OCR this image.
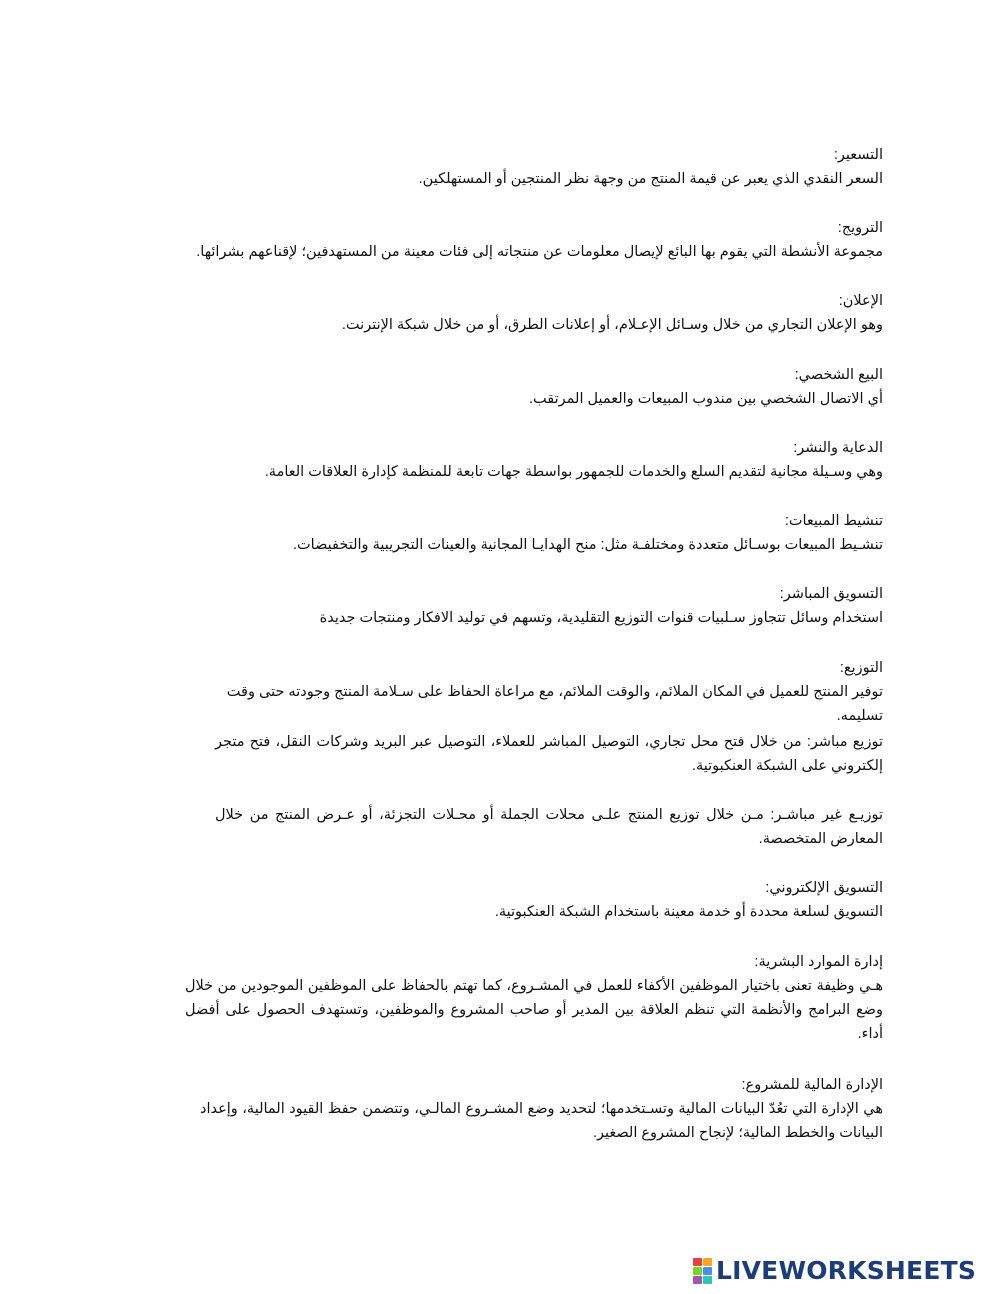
التسعير:
السعر النقدي الذي يعبر عن قيمة المنتج من وجهة نظر المنتجين أو المستهلكين.
الترويج:
مجموعة الأنشطة التي يقوم بها البائع لإيصال معلومات عن منتجاته إلى فئات معينة من المستهدفين؛ لإقناعهم بشرائها.
الإعلان:
وهو الإعلان التجاري من خلال وسـائل الإعـلام، أو إعلانات الطرق، أو من خلال شبكة الإنترنت.
البيع الشخصي:
أي الاتصال الشخصي بين مندوب المبيعات والعميل المرتقب.
الدعاية والنشر:
وهي وسـيلة مجانية لتقديم السلع والخدمات للجمهور بواسطة جهات تابعة للمنظمة كإدارة العلاقات العامة.
تنشيط المبيعات:
تنشـيط المبيعات بوسـائل متعددة ومختلفـة مثل: منح الهدايـا المجانية والعينات التجريبية والتخفيضات.
التسويق المباشر:
استخدام وسائل تتجاوز سـلبيات قنوات التوزيع التقليدية، وتسهم في توليد الافكار ومنتجات جديدة
التوزيع:
توفير المنتج للعميل في المكان الملائم، والوقت الملائم، مع مراعاة الحفاظ على سـلامة المنتج وجودته حتى وقت تسليمه.
توزيع مباشر: من خلال فتح محل تجاري، التوصيل المباشر للعملاء، التوصيل عبر البريد وشركات النقل، فتح متجر إلكتروني على الشبكة العنكبوتية.
توزيـع غير مباشـر: مـن خلال توزيع المنتج علـى محلات الجملة أو محـلات التجزئة، أو عـرض المنتج من خلال المعارض المتخصصة.
التسويق الإلكتروني:
التسويق لسلعة محددة أو خدمة معينة باستخدام الشبكة العنكبوتية.
إدارة الموارد البشرية:
هـي وظيفة تعنى باختيار الموظفين الأكفاء للعمل في المشـروع، كما تهتم بالحفاظ على الموظفين الموجودين من خلال وضع البرامج والأنظمة التي تنظم العلاقة بين المدير أو صاحب المشروع والموظفين، وتستهدف الحصول على أفضل أداء.
الإدارة المالية للمشروع:
هي الإدارة التي تعُدّ البيانات المالية وتسـتخدمها؛ لتحديد وضع المشـروع المالـي، وتتضمن حفظ القيود المالية، وإعداد البيانات والخطط المالية؛ لإنجاح المشروع الصغير.
LIVEWORKSHEETS
